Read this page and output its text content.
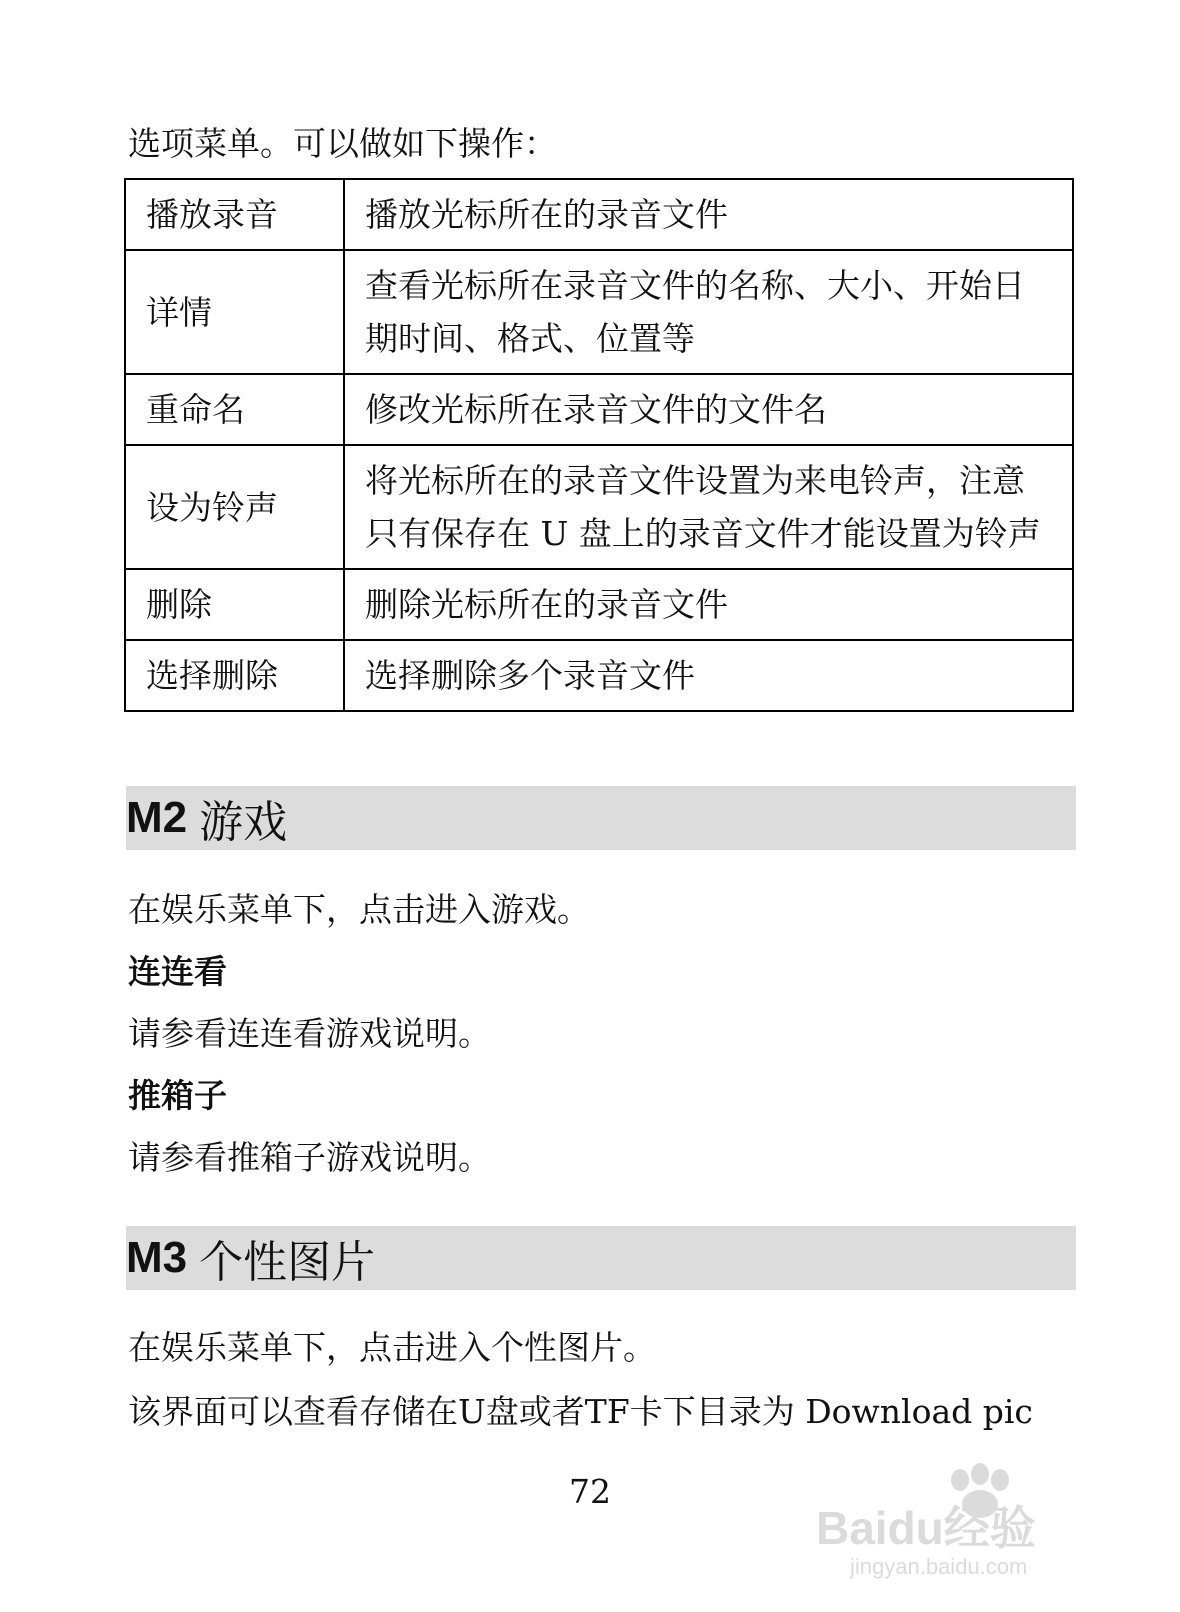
选项菜单。可以做如下操作：
播放录音	播放光标所在的录音文件
详情	查看光标所在录音文件的名称、大小、开始日期时间、格式、位置等
重命名	修改光标所在录音文件的文件名
设为铃声	将光标所在的录音文件设置为来电铃声，注意只有保存在 U 盘上的录音文件才能设置为铃声
删除	删除光标所在的录音文件
选择删除	选择删除多个录音文件
M2 游戏
在娱乐菜单下，点击进入游戏。
连连看
请参看连连看游戏说明。
推箱子
请参看推箱子游戏说明。
M3 个性图片
在娱乐菜单下，点击进入个性图片。
该界面可以查看存储在U盘或者TF卡下目录为 Download pic
72
Baidu经验
jingyan.baidu.com
